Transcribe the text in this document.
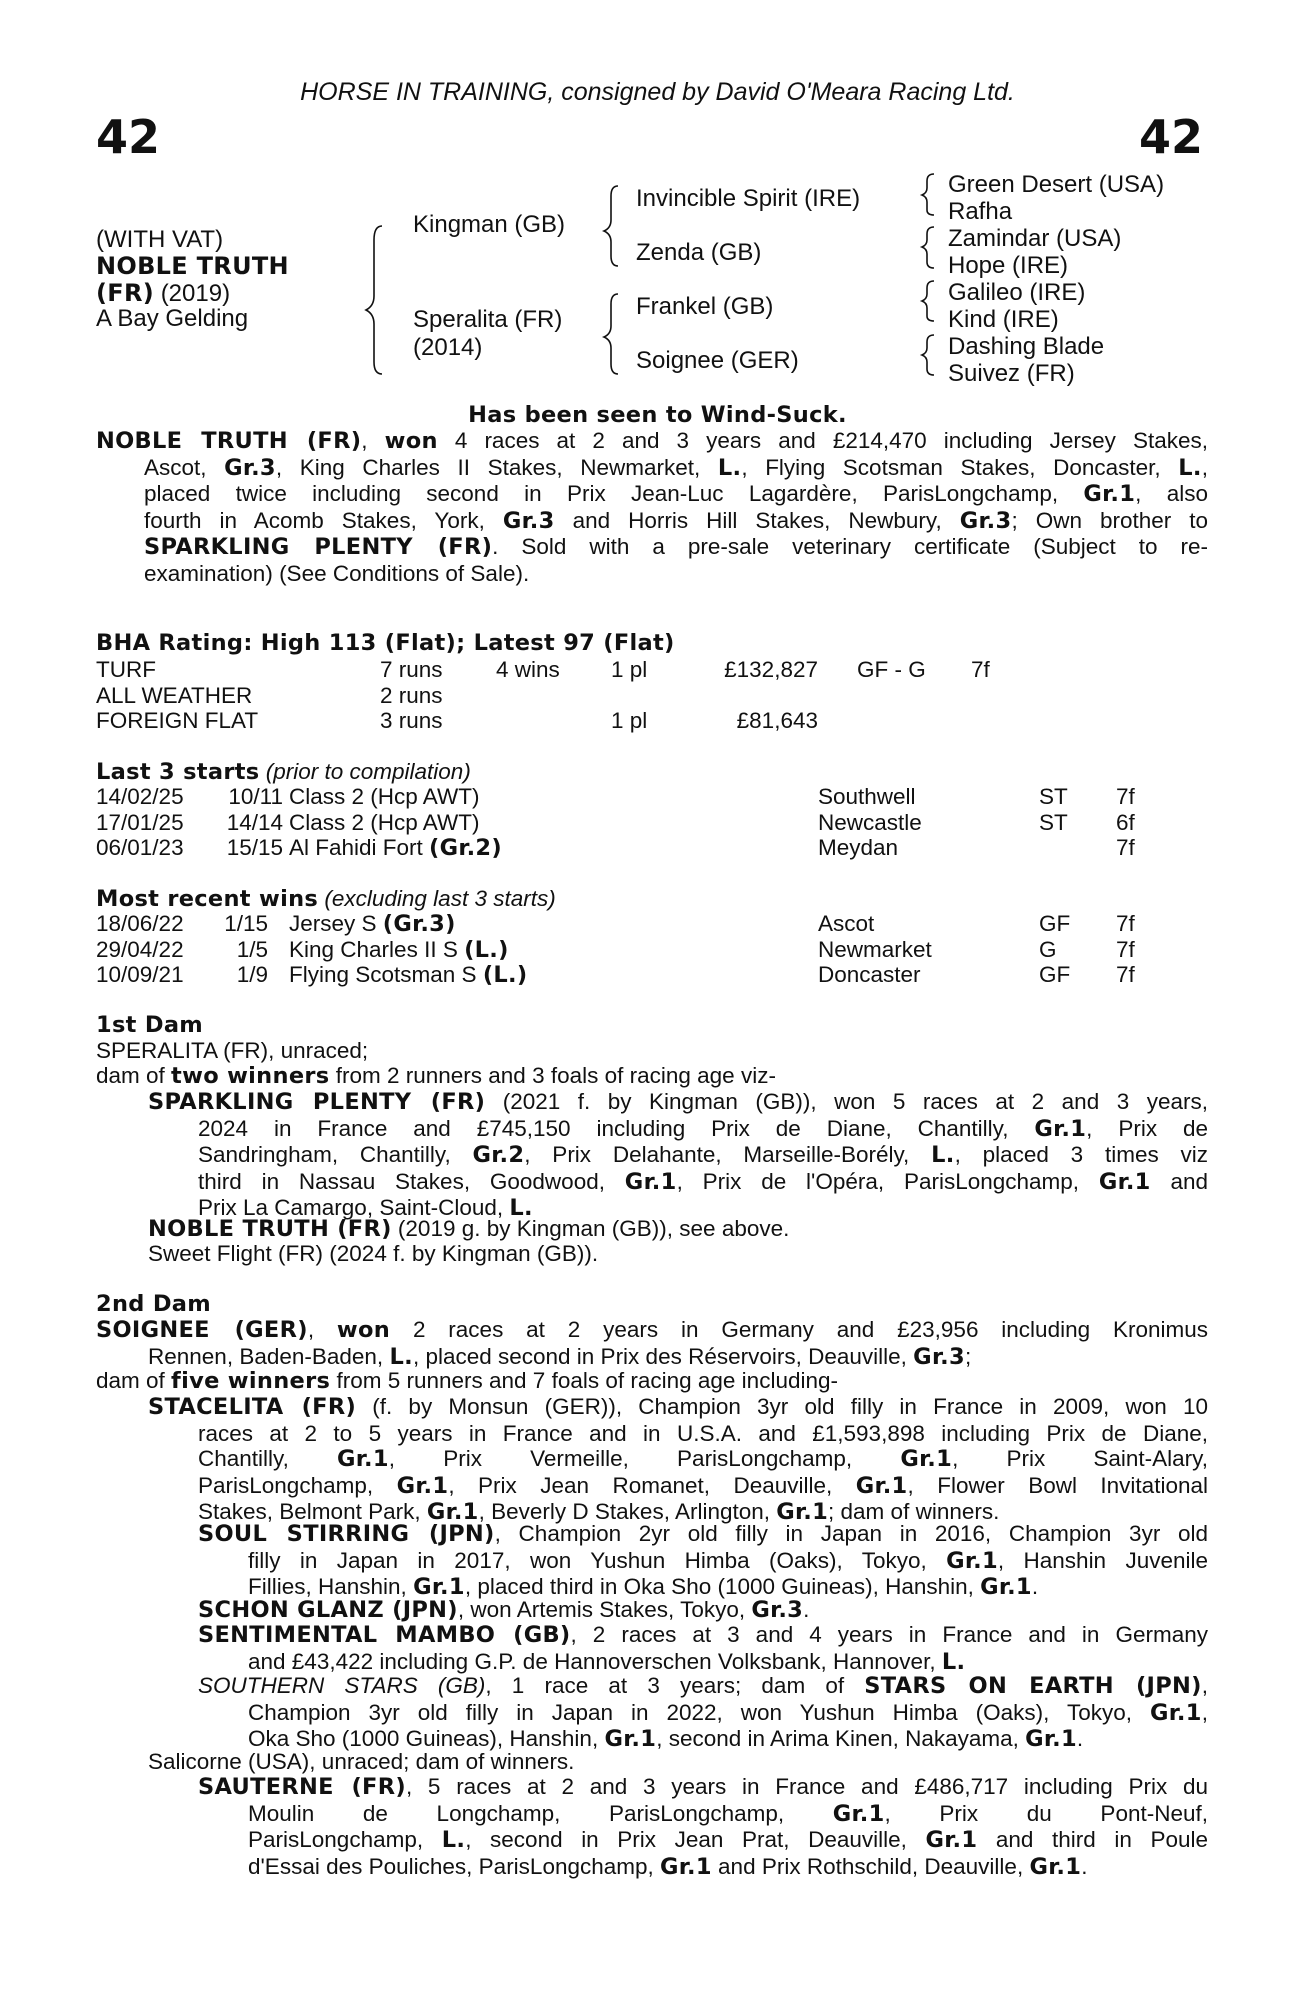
HORSE IN TRAINING, consigned by David O'Meara Racing Ltd.
42	42
(WITH VAT)
NOBLE TRUTH
(FR) (2019)
A Bay Gelding
Kingman (GB)
Speralita (FR)
(2014)
Invincible Spirit (IRE)
Zenda (GB)
Frankel (GB)
Soignee (GER)
Green Desert (USA)
Rafha
Zamindar (USA)
Hope (IRE)
Galileo (IRE)
Kind (IRE)
Dashing Blade
Suivez (FR)
Has been seen to Wind-Suck.
NOBLE TRUTH (FR), won 4 races at 2 and 3 years and £214,470 including Jersey Stakes,
Ascot, Gr.3, King Charles II Stakes, Newmarket, L., Flying Scotsman Stakes, Doncaster, L.,
placed twice including second in Prix Jean-Luc Lagardère, ParisLongchamp, Gr.1, also
fourth in Acomb Stakes, York, Gr.3 and Horris Hill Stakes, Newbury, Gr.3; Own brother to
SPARKLING PLENTY (FR). Sold with a pre-sale veterinary certificate (Subject to re-
examination) (See Conditions of Sale).
BHA Rating: High 113 (Flat); Latest 97 (Flat)
TURF	7 runs 4 wins 1 pl	£132,827 GF - G 7f
ALL WEATHER	2 runs
FOREIGN FLAT	3 runs	1 pl	£81,643
Last 3 starts (prior to compilation)
14/02/25 10/11 Class 2 (Hcp AWT)	Southwell	ST 7f
17/01/25 14/14 Class 2 (Hcp AWT)	Newcastle	ST 6f
06/01/23 15/15 Al Fahidi Fort (Gr.2)	Meydan	7f
Most recent wins (excluding last 3 starts)
18/06/22 1/15 Jersey S (Gr.3)	Ascot	GF 7f
29/04/22 1/5 King Charles II S (L.)	Newmarket	G	7f
10/09/21 1/9 Flying Scotsman S (L.)	Doncaster	GF 7f
1st Dam
SPERALITA (FR), unraced;
dam of two winners from 2 runners and 3 foals of racing age viz-
SPARKLING PLENTY (FR) (2021 f. by Kingman (GB)), won 5 races at 2 and 3 years,
2024 in France and £745,150 including Prix de Diane, Chantilly, Gr.1, Prix de
Sandringham, Chantilly, Gr.2, Prix Delahante, Marseille-Borély, L., placed 3 times viz
third in Nassau Stakes, Goodwood, Gr.1, Prix de l'Opéra, ParisLongchamp, Gr.1 and
Prix La Camargo, Saint-Cloud, L.
NOBLE TRUTH (FR) (2019 g. by Kingman (GB)), see above.
Sweet Flight (FR) (2024 f. by Kingman (GB)).
2nd Dam
SOIGNEE (GER), won 2 races at 2 years in Germany and £23,956 including Kronimus
Rennen, Baden-Baden, L., placed second in Prix des Réservoirs, Deauville, Gr.3;
dam of five winners from 5 runners and 7 foals of racing age including-
STACELITA (FR) (f. by Monsun (GER)), Champion 3yr old filly in France in 2009, won 10
races at 2 to 5 years in France and in U.S.A. and £1,593,898 including Prix de Diane,
Chantilly, Gr.1, Prix Vermeille, ParisLongchamp, Gr.1, Prix Saint-Alary,
ParisLongchamp, Gr.1, Prix Jean Romanet, Deauville, Gr.1, Flower Bowl Invitational
Stakes, Belmont Park, Gr.1, Beverly D Stakes, Arlington, Gr.1; dam of winners.
SOUL STIRRING (JPN), Champion 2yr old filly in Japan in 2016, Champion 3yr old
filly in Japan in 2017, won Yushun Himba (Oaks), Tokyo, Gr.1, Hanshin Juvenile
Fillies, Hanshin, Gr.1, placed third in Oka Sho (1000 Guineas), Hanshin, Gr.1.
SCHON GLANZ (JPN), won Artemis Stakes, Tokyo, Gr.3.
SENTIMENTAL MAMBO (GB), 2 races at 3 and 4 years in France and in Germany
and £43,422 including G.P. de Hannoverschen Volksbank, Hannover, L.
SOUTHERN STARS (GB), 1 race at 3 years; dam of STARS ON EARTH (JPN),
Champion 3yr old filly in Japan in 2022, won Yushun Himba (Oaks), Tokyo, Gr.1,
Oka Sho (1000 Guineas), Hanshin, Gr.1, second in Arima Kinen, Nakayama, Gr.1.
Salicorne (USA), unraced; dam of winners.
SAUTERNE (FR), 5 races at 2 and 3 years in France and £486,717 including Prix du
Moulin de Longchamp, ParisLongchamp, Gr.1, Prix du Pont-Neuf,
ParisLongchamp, L., second in Prix Jean Prat, Deauville, Gr.1 and third in Poule
d'Essai des Pouliches, ParisLongchamp, Gr.1 and Prix Rothschild, Deauville, Gr.1.
